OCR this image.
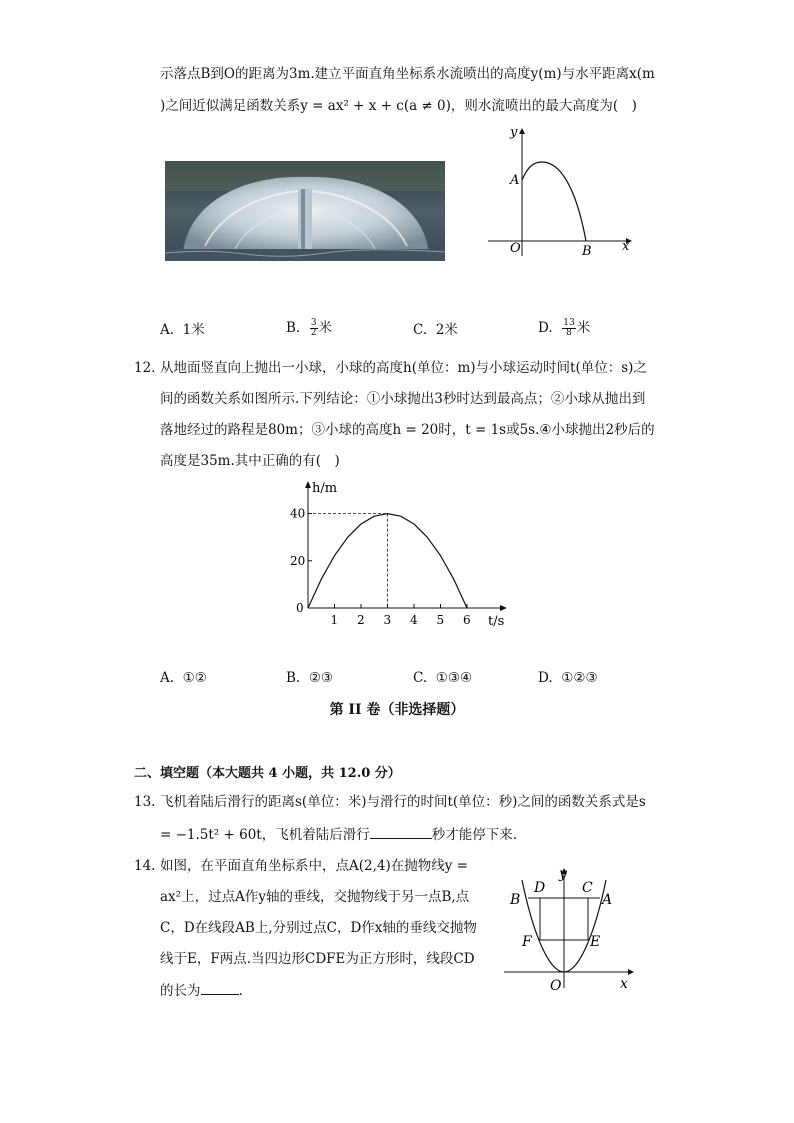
示落点B到O的距离为3m.建立平面直角坐标系水流喷出的高度y(m)与水平距离x(m
)之间近似满足函数关系y = ax² + x + c(a ≠ 0)，则水流喷出的最大高度为(　)
y
x
A
O	B
A. 1米	B. $\frac{3}{2}$ 米	C. 2米	D. $\frac{13}{8}$ 米
12. 从地面竖直向上抛出一小球，小球的高度h(单位：m)与小球运动时间t(单位：s)之
间的函数关系如图所示.下列结论：①小球抛出3秒时达到最高点；②小球从抛出到
落地经过的路程是80m；③小球的高度h = 20时，t = 1s或5s.④小球抛出2秒后的
高度是35m.其中正确的有(　)
h/m
t/s
1 2 3 4 5 6
0
20
40
A. ①②	B. ②③	C. ①③④	D. ①②③
第 II 卷（非选择题）
二、填空题（本大题共 4 小题，共 12.0 分）
13. 飞机着陆后滑行的距离s(单位：米)与滑行的时间t(单位：秒)之间的函数关系式是s
= −1.5t² + 60t，飞机着陆后滑行	秒才能停下来.
14. 如图，在平面直角坐标系中，点A(2,4)在抛物线y =
ax²上，过点A作y轴的垂线，交抛物线于另一点B,点
C，D在线段AB上,分别过点C，D作x轴的垂线交抛物
线于E，F两点.当四边形CDFE为正方形时，线段CD
的长为	.
y
x
O
D	C
B	A
F	E
